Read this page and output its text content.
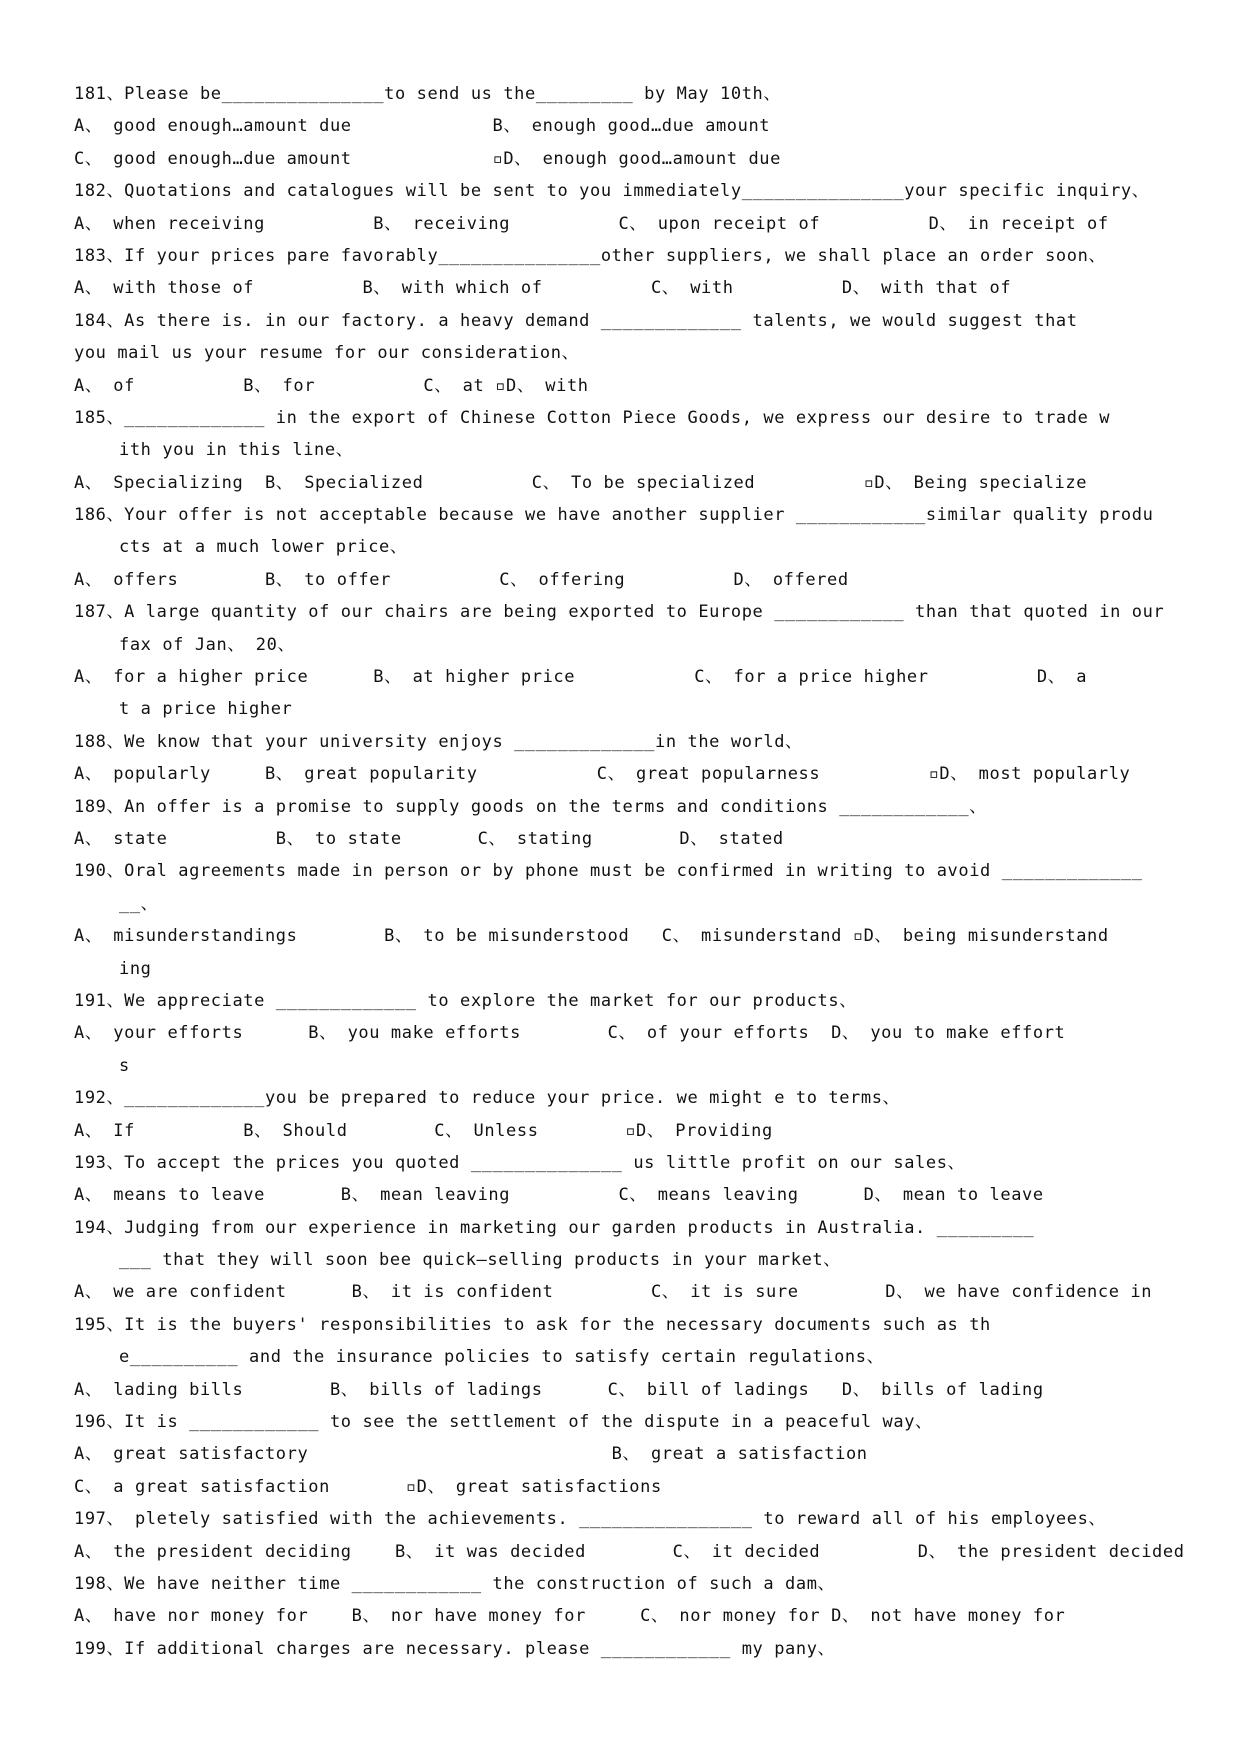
181、Please be_______________to send us the_________ by May 10th、
A、 good enough…amount due             B、 enough good…due amount
C、 good enough…due amount             ▫D、 enough good…amount due
182、Quotations and catalogues will be sent to you immediately_______________your specific inquiry、
A、 when receiving          B、 receiving          C、 upon receipt of          D、 in receipt of
183、If your prices pare favorably_______________other suppliers, we shall place an order soon、
A、 with those of          B、 with which of          C、 with          D、 with that of
184、As there is. in our factory. a heavy demand _____________ talents, we would suggest that
you mail us your resume for our consideration、
A、 of          B、 for          C、 at ▫D、 with
185、_____________ in the export of Chinese Cotton Piece Goods, we express our desire to trade w
ith you in this line、
A、 Specializing  B、 Specialized          C、 To be specialized          ▫D、 Being specialize
186、Your offer is not acceptable because we have another supplier ____________similar quality produ
cts at a much lower price、
A、 offers        B、 to offer          C、 offering          D、 offered
187、A large quantity of our chairs are being exported to Europe ____________ than that quoted in our
fax of Jan、 20、
A、 for a higher price      B、 at higher price           C、 for a price higher          D、 a
t a price higher
188、We know that your university enjoys _____________in the world、
A、 popularly     B、 great popularity           C、 great popularness          ▫D、 most popularly
189、An offer is a promise to supply goods on the terms and conditions ____________、
A、 state          B、 to state       C、 stating        D、 stated
190、Oral agreements made in person or by phone must be confirmed in writing to avoid _____________
__、
A、 misunderstandings        B、 to be misunderstood   C、 misunderstand ▫D、 being misunderstand
ing
191、We appreciate _____________ to explore the market for our products、
A、 your efforts      B、 you make efforts        C、 of your efforts  D、 you to make effort
s
192、_____________you be prepared to reduce your price. we might e to terms、
A、 If          B、 Should        C、 Unless        ▫D、 Providing
193、To accept the prices you quoted ______________ us little profit on our sales、
A、 means to leave       B、 mean leaving          C、 means leaving      D、 mean to leave
194、Judging from our experience in marketing our garden products in Australia. _________
___ that they will soon bee quick—selling products in your market、
A、 we are confident      B、 it is confident         C、 it is sure        D、 we have confidence in
195、It is the buyers' responsibilities to ask for the necessary documents such as th
e__________ and the insurance policies to satisfy certain regulations、
A、 lading bills        B、 bills of ladings      C、 bill of ladings   D、 bills of lading
196、It is ____________ to see the settlement of the dispute in a peaceful way、
A、 great satisfactory                            B、 great a satisfaction
C、 a great satisfaction       ▫D、 great satisfactions
197、 pletely satisfied with the achievements. ________________ to reward all of his employees、
A、 the president deciding    B、 it was decided        C、 it decided         D、 the president decided
198、We have neither time ____________ the construction of such a dam、
A、 have nor money for    B、 nor have money for     C、 nor money for D、 not have money for
199、If additional charges are necessary. please ____________ my pany、
